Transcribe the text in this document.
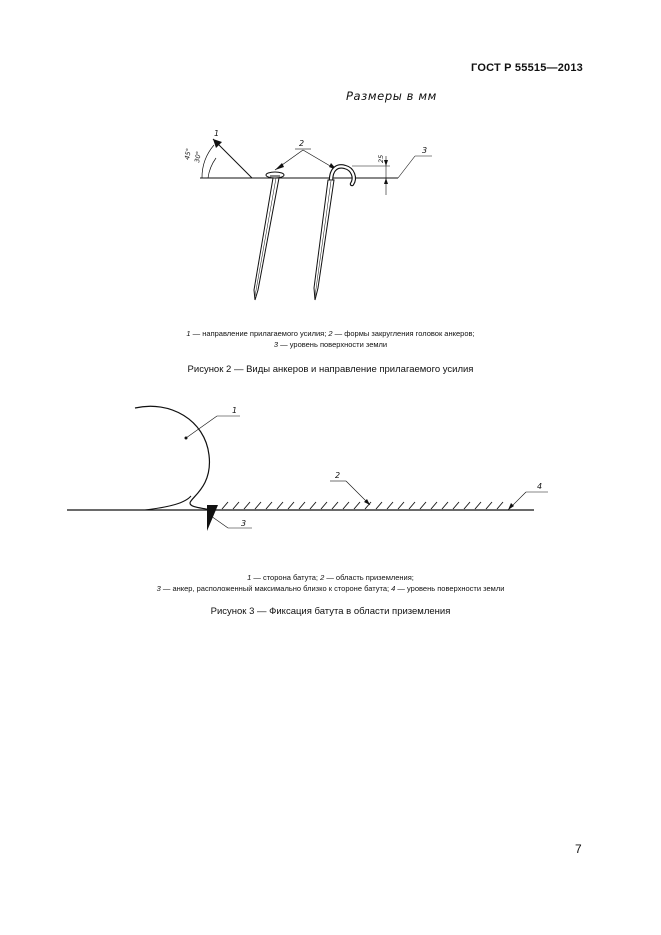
ГОСТ Р 55515—2013
Размеры в мм
45° 30°
1
2
25
3
1 — направление прилагаемого усилия; 2 — формы закругления головок анкеров;
3 — уровень поверхности земли
Рисунок 2 — Виды анкеров и направление прилагаемого усилия
1
3
2
4
1 — сторона батута; 2 — область приземления;
3 — анкер, расположенный максимально близко к стороне батута; 4 — уровень поверхности земли
Рисунок 3 — Фиксация батута в области приземления
7
